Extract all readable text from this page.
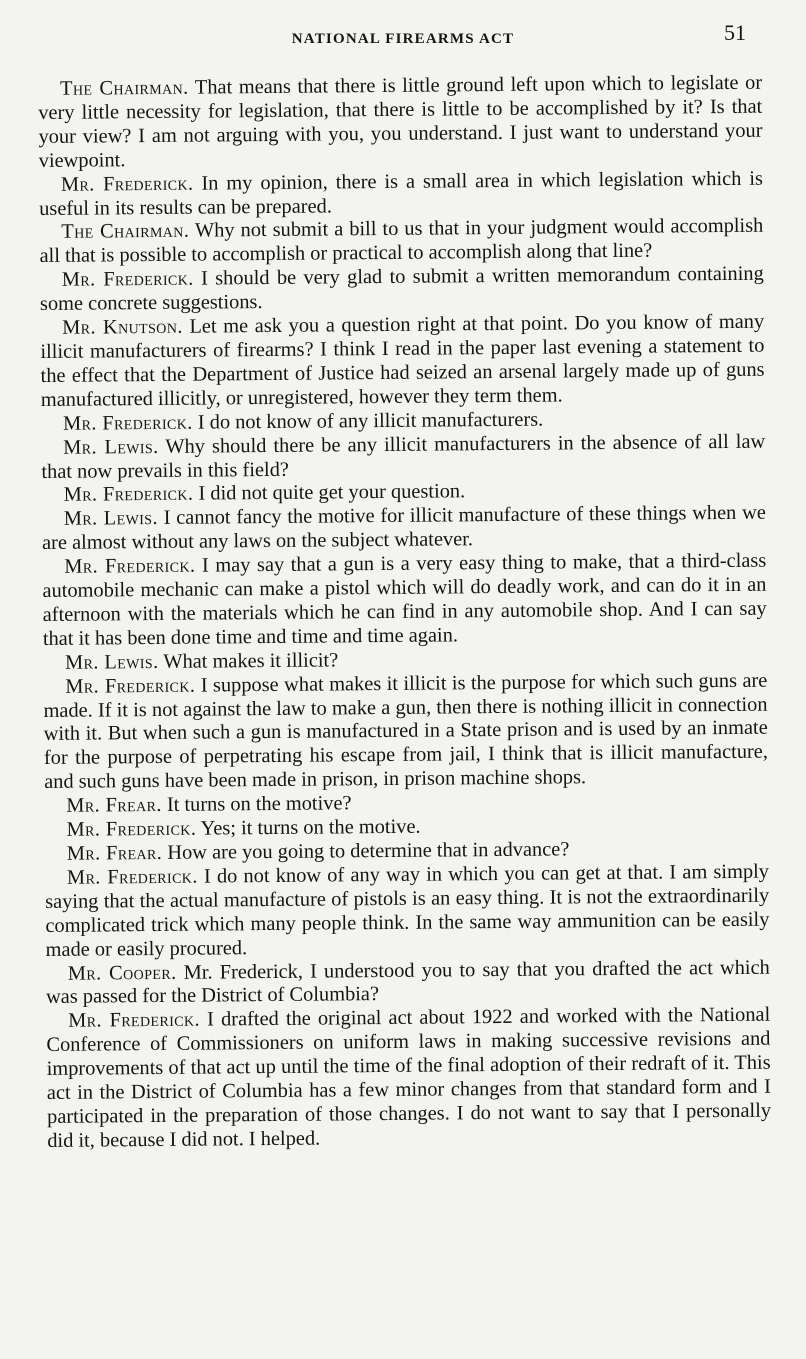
NATIONAL FIREARMS ACT	51

The Chairman. That means that there is little ground left upon which to legislate or very little necessity for legislation, that there is little to be accomplished by it? Is that your view? I am not arguing with you, you understand. I just want to understand your viewpoint.

Mr. Frederick. In my opinion, there is a small area in which legislation which is useful in its results can be prepared.

The Chairman. Why not submit a bill to us that in your judgment would accomplish all that is possible to accomplish or practical to accomplish along that line?

Mr. Frederick. I should be very glad to submit a written memorandum containing some concrete suggestions.

Mr. Knutson. Let me ask you a question right at that point. Do you know of many illicit manufacturers of firearms? I think I read in the paper last evening a statement to the effect that the Department of Justice had seized an arsenal largely made up of guns manufactured illicitly, or unregistered, however they term them.

Mr. Frederick. I do not know of any illicit manufacturers.

Mr. Lewis. Why should there be any illicit manufacturers in the absence of all law that now prevails in this field?

Mr. Frederick. I did not quite get your question.

Mr. Lewis. I cannot fancy the motive for illicit manufacture of these things when we are almost without any laws on the subject whatever.

Mr. Frederick. I may say that a gun is a very easy thing to make, that a third-class automobile mechanic can make a pistol which will do deadly work, and can do it in an afternoon with the materials which he can find in any automobile shop. And I can say that it has been done time and time and time again.

Mr. Lewis. What makes it illicit?

Mr. Frederick. I suppose what makes it illicit is the purpose for which such guns are made. If it is not against the law to make a gun, then there is nothing illicit in connection with it. But when such a gun is manufactured in a State prison and is used by an inmate for the purpose of perpetrating his escape from jail, I think that is illicit manufacture, and such guns have been made in prison, in prison machine shops.

Mr. Frear. It turns on the motive?

Mr. Frederick. Yes; it turns on the motive.

Mr. Frear. How are you going to determine that in advance?

Mr. Frederick. I do not know of any way in which you can get at that. I am simply saying that the actual manufacture of pistols is an easy thing. It is not the extraordinarily complicated trick which many people think. In the same way ammunition can be easily made or easily procured.

Mr. Cooper. Mr. Frederick, I understood you to say that you drafted the act which was passed for the District of Columbia?

Mr. Frederick. I drafted the original act about 1922 and worked with the National Conference of Commissioners on uniform laws in making successive revisions and improvements of that act up until the time of the final adoption of their redraft of it. This act in the District of Columbia has a few minor changes from that standard form and I participated in the preparation of those changes. I do not want to say that I personally did it, because I did not. I helped.
